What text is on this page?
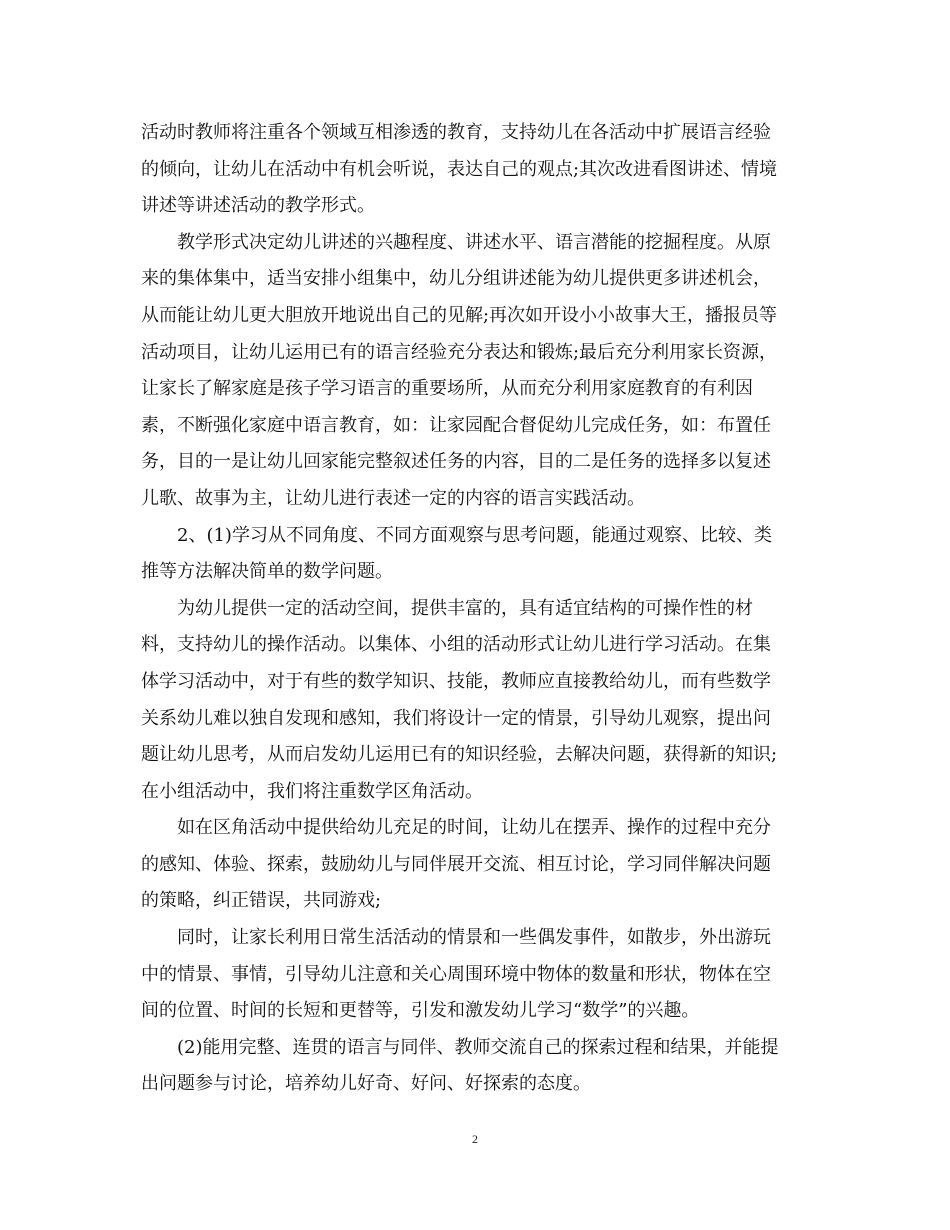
活动时教师将注重各个领域互相渗透的教育，支持幼儿在各活动中扩展语言经验
的倾向，让幼儿在活动中有机会听说，表达自己的观点;其次改进看图讲述、情境
讲述等讲述活动的教学形式。
教学形式决定幼儿讲述的兴趣程度、讲述水平、语言潜能的挖掘程度。从原
来的集体集中，适当安排小组集中，幼儿分组讲述能为幼儿提供更多讲述机会，
从而能让幼儿更大胆放开地说出自己的见解;再次如开设小小故事大王，播报员等
活动项目，让幼儿运用已有的语言经验充分表达和锻炼;最后充分利用家长资源，
让家长了解家庭是孩子学习语言的重要场所，从而充分利用家庭教育的有利因
素，不断强化家庭中语言教育，如：让家园配合督促幼儿完成任务，如：布置任
务，目的一是让幼儿回家能完整叙述任务的内容，目的二是任务的选择多以复述
儿歌、故事为主，让幼儿进行表述一定的内容的语言实践活动。
2、(1)学习从不同角度、不同方面观察与思考问题，能通过观察、比较、类
推等方法解决简单的数学问题。
为幼儿提供一定的活动空间，提供丰富的，具有适宜结构的可操作性的材
料，支持幼儿的操作活动。以集体、小组的活动形式让幼儿进行学习活动。在集
体学习活动中，对于有些的数学知识、技能，教师应直接教给幼儿，而有些数学
关系幼儿难以独自发现和感知，我们将设计一定的情景，引导幼儿观察，提出问
题让幼儿思考，从而启发幼儿运用已有的知识经验，去解决问题，获得新的知识;
在小组活动中，我们将注重数学区角活动。
如在区角活动中提供给幼儿充足的时间，让幼儿在摆弄、操作的过程中充分
的感知、体验、探索，鼓励幼儿与同伴展开交流、相互讨论，学习同伴解决问题
的策略，纠正错误，共同游戏;
同时，让家长利用日常生活活动的情景和一些偶发事件，如散步，外出游玩
中的情景、事情，引导幼儿注意和关心周围环境中物体的数量和形状，物体在空
间的位置、时间的长短和更替等，引发和激发幼儿学习“数学”的兴趣。
(2)能用完整、连贯的语言与同伴、教师交流自己的探索过程和结果，并能提
出问题参与讨论，培养幼儿好奇、好问、好探索的态度。
2
